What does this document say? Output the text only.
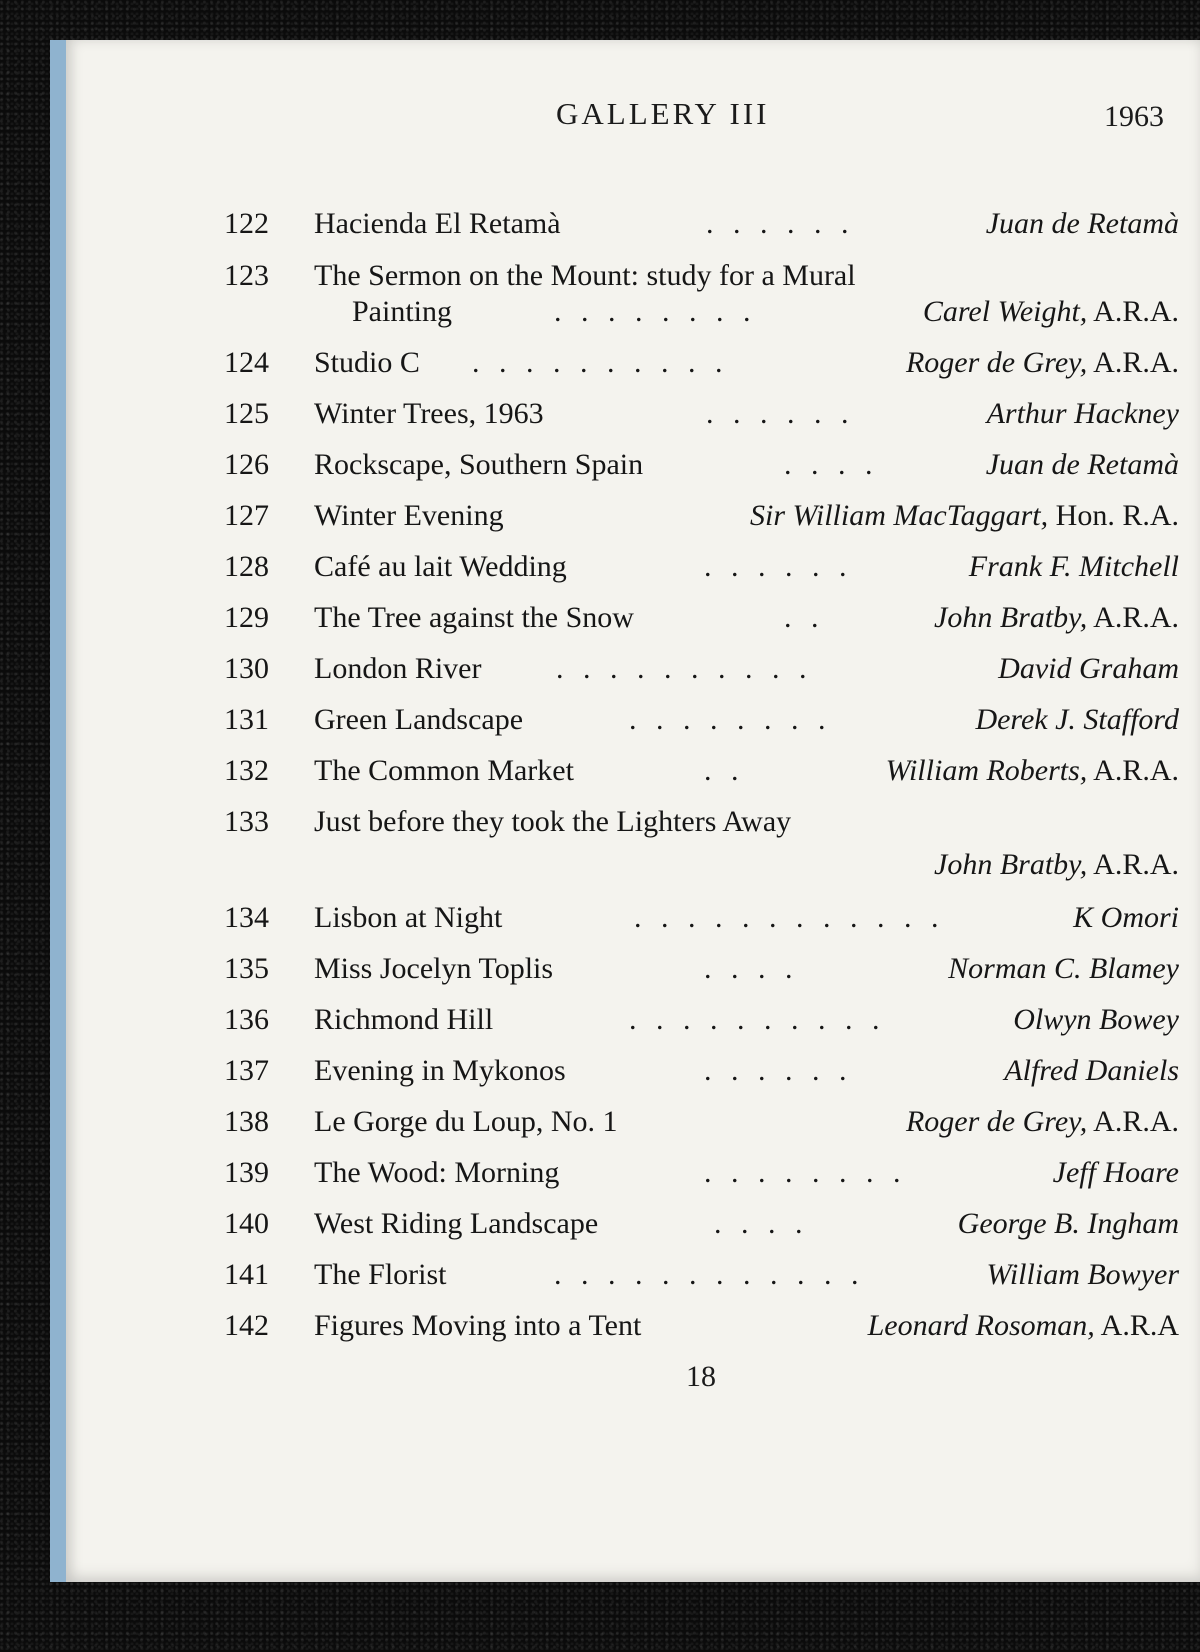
GALLERY III	1963
122 Hacienda El Retamà	. . . . . .	Juan de Retamà
123 The Sermon on the Mount: study for a Mural
Painting	. . . . . . . .	Carel Weight, A.R.A.
124 Studio C . . . . . . . . . .	Roger de Grey, A.R.A.
125 Winter Trees, 1963	. . . . . .	Arthur Hackney
126 Rockscape, Southern Spain	. . . .	Juan de Retamà
127 Winter Evening	Sir William MacTaggart, Hon. R.A.
128 Café au lait Wedding	. . . . . .	Frank F. Mitchell
129 The Tree against the Snow	. .	John Bratby, A.R.A.
130 London River . . . . . . . . . .	David Graham
131 Green Landscape	. . . . . . . .	Derek J. Stafford
132 The Common Market	. .	William Roberts, A.R.A.
133 Just before they took the Lighters Away
John Bratby, A.R.A.
134 Lisbon at Night	. . . . . . . . . . . .	K Omori
135 Miss Jocelyn Toplis	. . . .	Norman C. Blamey
136 Richmond Hill	. . . . . . . . . .	Olwyn Bowey
137 Evening in Mykonos	. . . . . .	Alfred Daniels
138 Le Gorge du Loup, No. 1	Roger de Grey, A.R.A.
139 The Wood: Morning	. . . . . . . .	Jeff Hoare
140 West Riding Landscape	. . . .	George B. Ingham
141 The Florist	. . . . . . . . . . . .	William Bowyer
142 Figures Moving into a Tent	Leonard Rosoman, A.R.A
18
